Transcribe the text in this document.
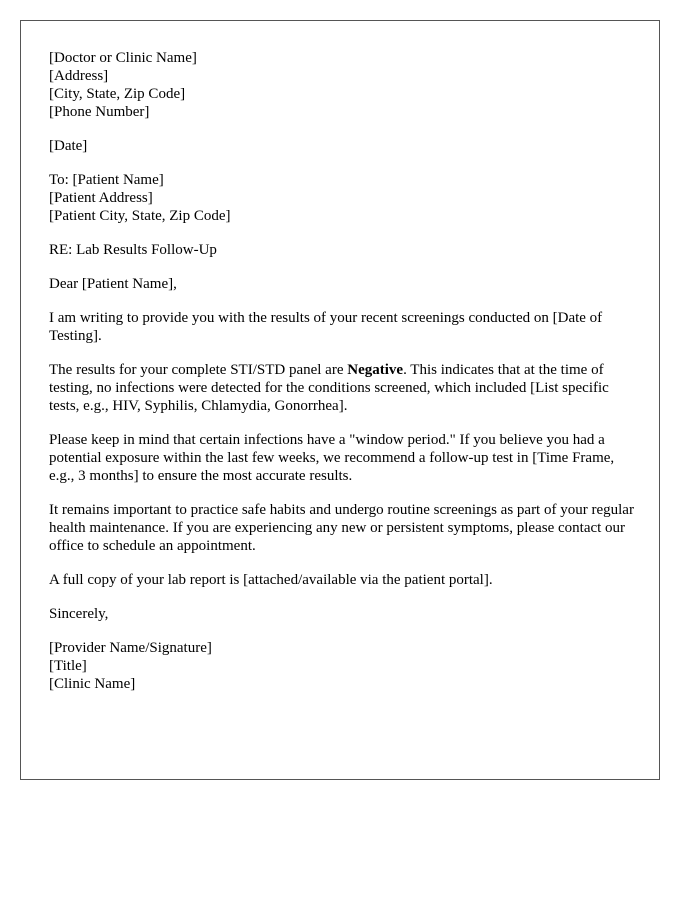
[Doctor or Clinic Name]
[Address]
[City, State, Zip Code]
[Phone Number]
[Date]
To: [Patient Name]
[Patient Address]
[Patient City, State, Zip Code]
RE: Lab Results Follow-Up
Dear [Patient Name],

I am writing to provide you with the results of your recent screenings conducted on [Date of Testing].

The results for your complete STI/STD panel are Negative. This indicates that at the time of testing, no infections were detected for the conditions screened, which included [List specific tests, e.g., HIV, Syphilis, Chlamydia, Gonorrhea].

Please keep in mind that certain infections have a "window period." If you believe you had a potential exposure within the last few weeks, we recommend a follow-up test in [Time Frame, e.g., 3 months] to ensure the most accurate results.

It remains important to practice safe habits and undergo routine screenings as part of your regular health maintenance. If you are experiencing any new or persistent symptoms, please contact our office to schedule an appointment.

A full copy of your lab report is [attached/available via the patient portal].

Sincerely,
[Provider Name/Signature]
[Title]
[Clinic Name]
